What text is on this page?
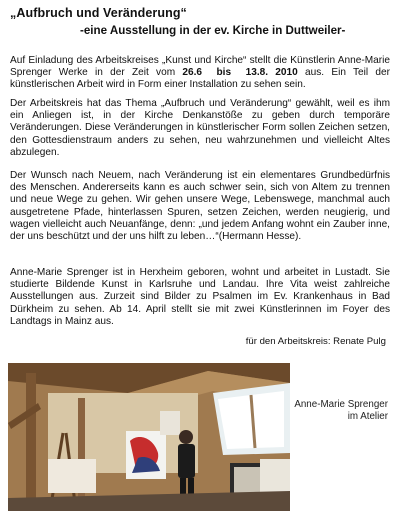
„Aufbruch und Veränderung“
-eine Ausstellung in der ev. Kirche in Duttweiler-
Auf Einladung des Arbeitskreises „Kunst und Kirche“ stellt die Künstlerin Anne-Marie Sprenger Werke in der Zeit vom 26.6  bis  13.8. 2010 aus. Ein Teil der künstlerischen Arbeit wird in Form einer Installation zu sehen sein.
Der Arbeitskreis hat das Thema „Aufbruch und Veränderung“ gewählt, weil es ihm ein Anliegen ist, in der Kirche Denkanstöße zu geben durch temporäre Veränderungen. Diese Veränderungen in künstlerischer Form sollen Zeichen setzen, den Gottesdienstraum anders zu sehen, neu wahrzunehmen und vielleicht Altes abzulegen.
Der Wunsch nach Neuem, nach Veränderung ist ein elementares Grundbedürfnis des Menschen. Andererseits kann es auch schwer sein, sich von Altem zu trennen und neue Wege zu gehen. Wir gehen unsere Wege, Lebenswege, manchmal auch ausgetretene Pfade, hinterlassen Spuren, setzen Zeichen, werden neugierig, und wagen vielleicht auch Neuanfänge, denn: „und jedem Anfang wohnt ein Zauber inne, der uns beschützt und der uns hilft zu leben…“(Hermann Hesse).
Anne-Marie Sprenger ist in Herxheim geboren, wohnt und arbeitet in Lustadt. Sie studierte Bildende Kunst in Karlsruhe und Landau. Ihre Vita weist zahlreiche Ausstellungen aus. Zurzeit sind Bilder zu Psalmen im Ev. Krankenhaus in Bad Dürkheim zu sehen. Ab 14. April stellt sie mit zwei Künstlerinnen im Foyer des Landtags in Mainz aus.
für den Arbeitskreis: Renate Pulg
Anne-Marie Sprenger
im Atelier
